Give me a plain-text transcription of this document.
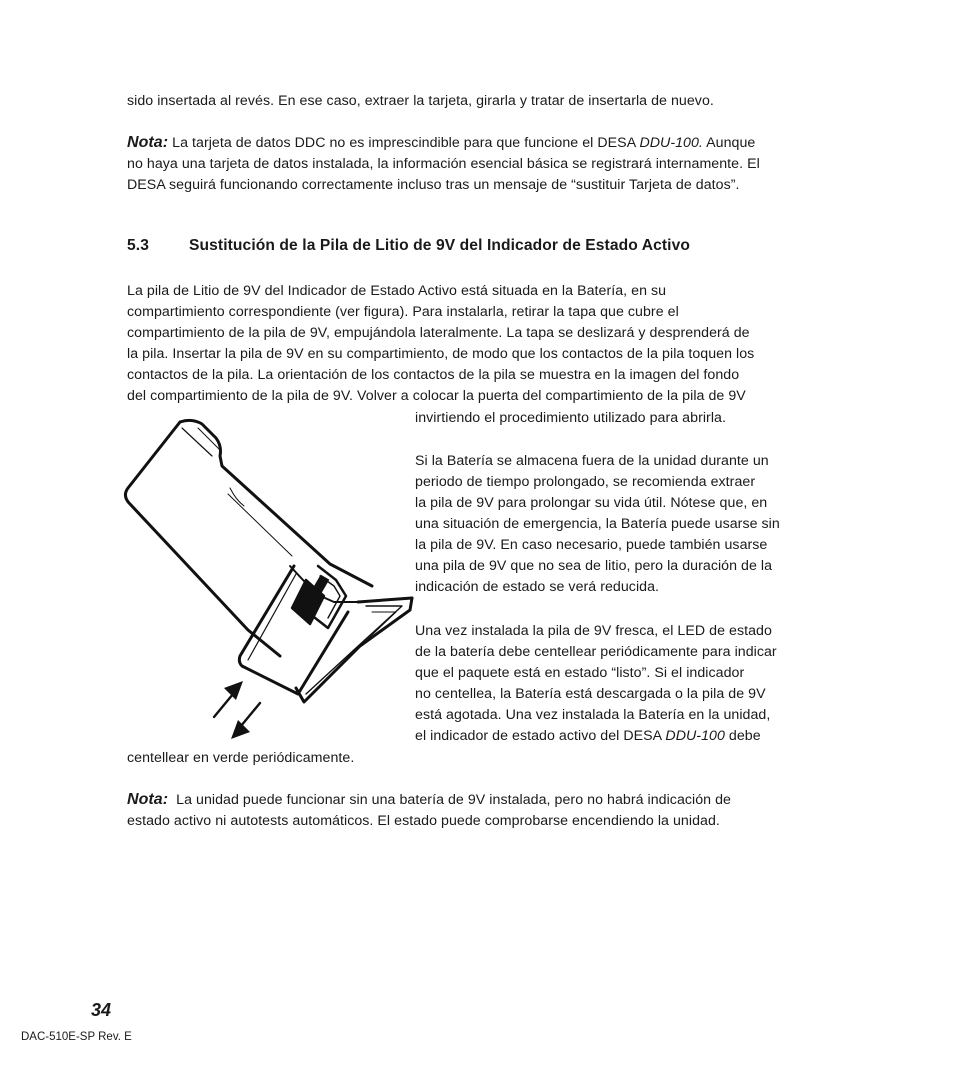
sido insertada al revés. En ese caso, extraer la tarjeta, girarla y tratar de insertarla de nuevo.
Nota: La tarjeta de datos DDC no es imprescindible para que funcione el DESA DDU-100. Aunque
no haya una tarjeta de datos instalada, la información esencial básica se registrará internamente. El
DESA seguirá funcionando correctamente incluso tras un mensaje de “sustituir Tarjeta de datos”.
5.3	Sustitución de la Pila de Litio de 9V del Indicador de Estado Activo
La pila de Litio de 9V del Indicador de Estado Activo está situada en la Batería, en su
compartimiento correspondiente (ver figura). Para instalarla, retirar la tapa que cubre el
compartimiento de la pila de 9V, empujándola lateralmente. La tapa se deslizará y desprenderá de
la pila. Insertar la pila de 9V en su compartimiento, de modo que los contactos de la pila toquen los
contactos de la pila. La orientación de los contactos de la pila se muestra en la imagen del fondo
del compartimiento de la pila de 9V. Volver a colocar la puerta del compartimiento de la pila de 9V
invirtiendo el procedimiento utilizado para abrirla.
Si la Batería se almacena fuera de la unidad durante un
periodo de tiempo prolongado, se recomienda extraer
la pila de 9V para prolongar su vida útil. Nótese que, en
una situación de emergencia, la Batería puede usarse sin
la pila de 9V. En caso necesario, puede también usarse
una pila de 9V que no sea de litio, pero la duración de la
indicación de estado se verá reducida.
Una vez instalada la pila de 9V fresca, el LED de estado
de la batería debe centellear periódicamente para indicar
que el paquete está en estado “listo”. Si el indicador
no centellea, la Batería está descargada o la pila de 9V
está agotada. Una vez instalada la Batería en la unidad,
el indicador de estado activo del DESA DDU-100 debe
centellear en verde periódicamente.
Nota: La unidad puede funcionar sin una batería de 9V instalada, pero no habrá indicación de
estado activo ni autotests automáticos. El estado puede comprobarse encendiendo la unidad.
34
DAC-510E-SP Rev. E
